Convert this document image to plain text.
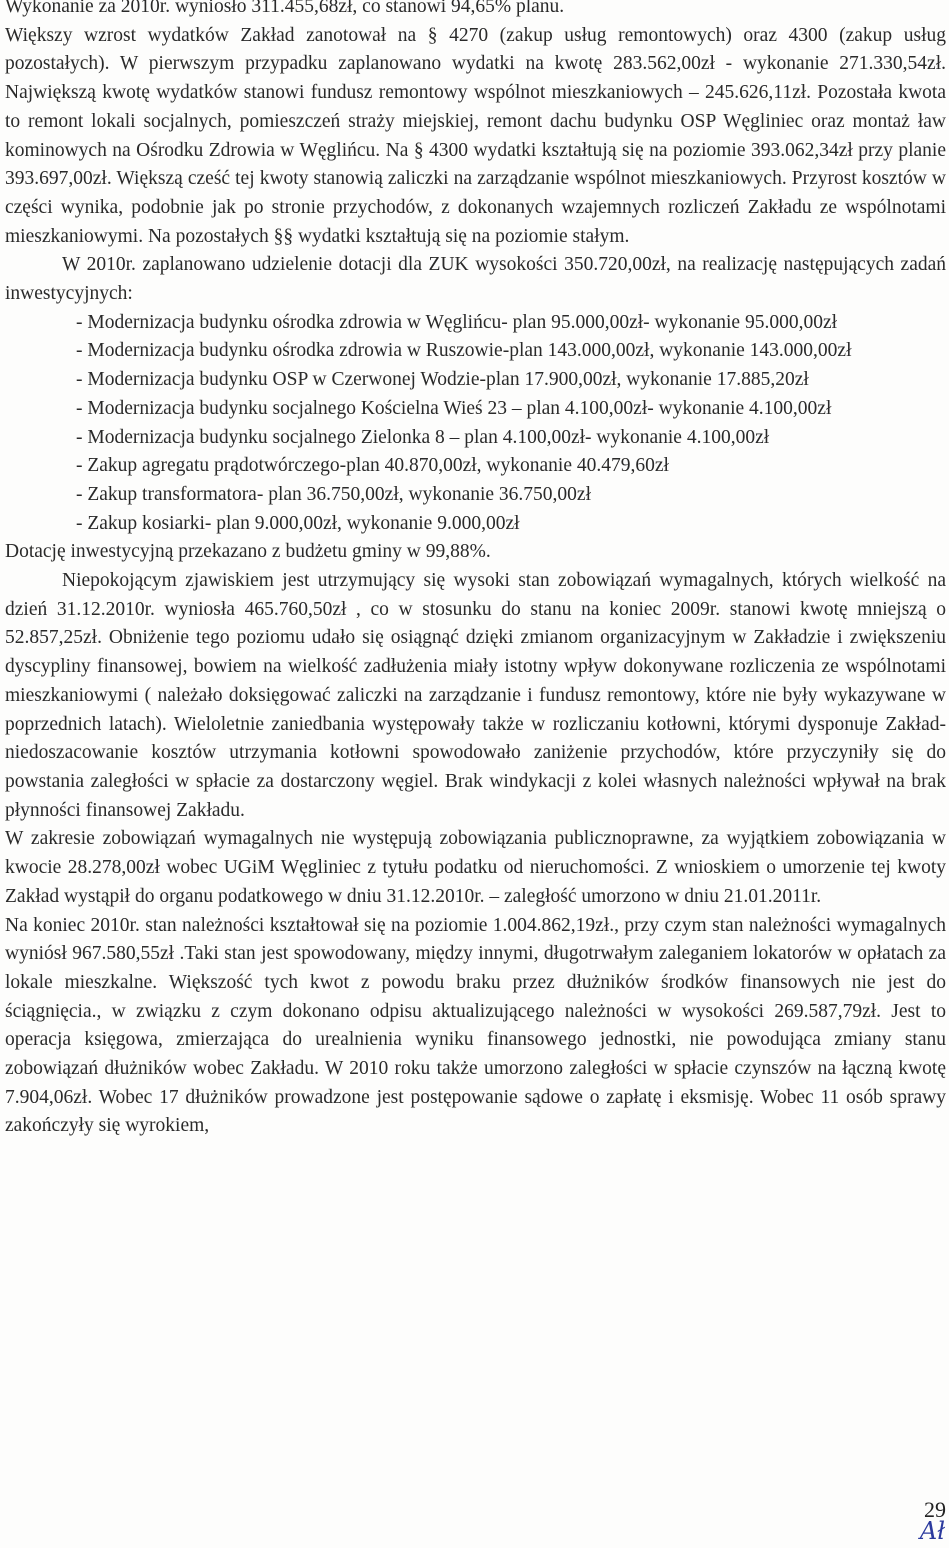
Wykonanie za 2010r. wyniosło 311.455,68zł, co stanowi 94,65% planu.

Większy wzrost wydatków Zakład zanotował na § 4270 (zakup usług remontowych) oraz 4300 (zakup usług pozostałych). W pierwszym przypadku zaplanowano wydatki na kwotę 283.562,00zł - wykonanie 271.330,54zł. Największą kwotę wydatków stanowi fundusz remontowy wspólnot mieszkaniowych – 245.626,11zł. Pozostała kwota to remont lokali socjalnych, pomieszczeń straży miejskiej, remont dachu budynku OSP Węgliniec oraz montaż ław kominowych na Ośrodku Zdrowia w Węglińcu. Na § 4300 wydatki kształtują się na poziomie 393.062,34zł przy planie 393.697,00zł. Większą cześć tej kwoty stanowią zaliczki na zarządzanie wspólnot mieszkaniowych. Przyrost kosztów w części wynika, podobnie jak po stronie przychodów, z dokonanych wzajemnych rozliczeń Zakładu ze wspólnotami mieszkaniowymi. Na pozostałych §§ wydatki kształtują się na poziomie stałym.

W 2010r. zaplanowano udzielenie dotacji dla ZUK wysokości 350.720,00zł, na realizację następujących zadań inwestycyjnych:

- Modernizacja budynku ośrodka zdrowia w Węglińcu- plan 95.000,00zł- wykonanie 95.000,00zł
- Modernizacja budynku ośrodka zdrowia w Ruszowie-plan 143.000,00zł, wykonanie 143.000,00zł
- Modernizacja budynku OSP w Czerwonej Wodzie-plan 17.900,00zł, wykonanie 17.885,20zł
- Modernizacja budynku socjalnego Kościelna Wieś 23 – plan 4.100,00zł- wykonanie 4.100,00zł
- Modernizacja budynku socjalnego Zielonka 8 – plan 4.100,00zł- wykonanie 4.100,00zł
- Zakup agregatu prądotwórczego-plan 40.870,00zł, wykonanie 40.479,60zł
- Zakup transformatora- plan 36.750,00zł, wykonanie 36.750,00zł
- Zakup kosiarki- plan 9.000,00zł, wykonanie 9.000,00zł

Dotację inwestycyjną przekazano z budżetu gminy w 99,88%.

Niepokojącym zjawiskiem jest utrzymujący się wysoki stan zobowiązań wymagalnych, których wielkość na dzień 31.12.2010r. wyniosła 465.760,50zł , co w stosunku do stanu na koniec 2009r. stanowi kwotę mniejszą o 52.857,25zł. Obniżenie tego poziomu udało się osiągnąć dzięki zmianom organizacyjnym w Zakładzie i zwiększeniu dyscypliny finansowej, bowiem na wielkość zadłużenia miały istotny wpływ dokonywane rozliczenia ze wspólnotami mieszkaniowymi ( należało doksięgować zaliczki na zarządzanie i fundusz remontowy, które nie były wykazywane w poprzednich latach). Wieloletnie zaniedbania występowały także w rozliczaniu kotłowni, którymi dysponuje Zakład- niedoszacowanie kosztów utrzymania kotłowni spowodowało zaniżenie przychodów, które przyczyniły się do powstania zaległości w spłacie za dostarczony węgiel. Brak windykacji z kolei własnych należności wpływał na brak płynności finansowej Zakładu.

W zakresie zobowiązań wymagalnych nie występują zobowiązania publicznoprawne, za wyjątkiem zobowiązania w kwocie 28.278,00zł wobec UGiM Węgliniec z tytułu podatku od nieruchomości. Z wnioskiem o umorzenie tej kwoty Zakład wystąpił do organu podatkowego w dniu 31.12.2010r. – zaległość umorzono w dniu 21.01.2011r.

Na koniec 2010r. stan należności kształtował się na poziomie 1.004.862,19zł., przy czym stan należności wymagalnych wyniósł 967.580,55zł .Taki stan jest spowodowany, między innymi, długotrwałym zaleganiem lokatorów w opłatach za lokale mieszkalne. Większość tych kwot z powodu braku przez dłużników środków finansowych nie jest do ściągnięcia., w związku z czym dokonano odpisu aktualizującego należności w wysokości 269.587,79zł. Jest to operacja księgowa, zmierzająca do urealnienia wyniku finansowego jednostki, nie powodująca zmiany stanu zobowiązań dłużników wobec Zakładu. W 2010 roku także umorzono zaległości w spłacie czynszów na łączną kwotę 7.904,06zł. Wobec 17 dłużników prowadzone jest postępowanie sądowe o zapłatę i eksmisję. Wobec 11 osób sprawy zakończyły się wyrokiem,

29
Ał
